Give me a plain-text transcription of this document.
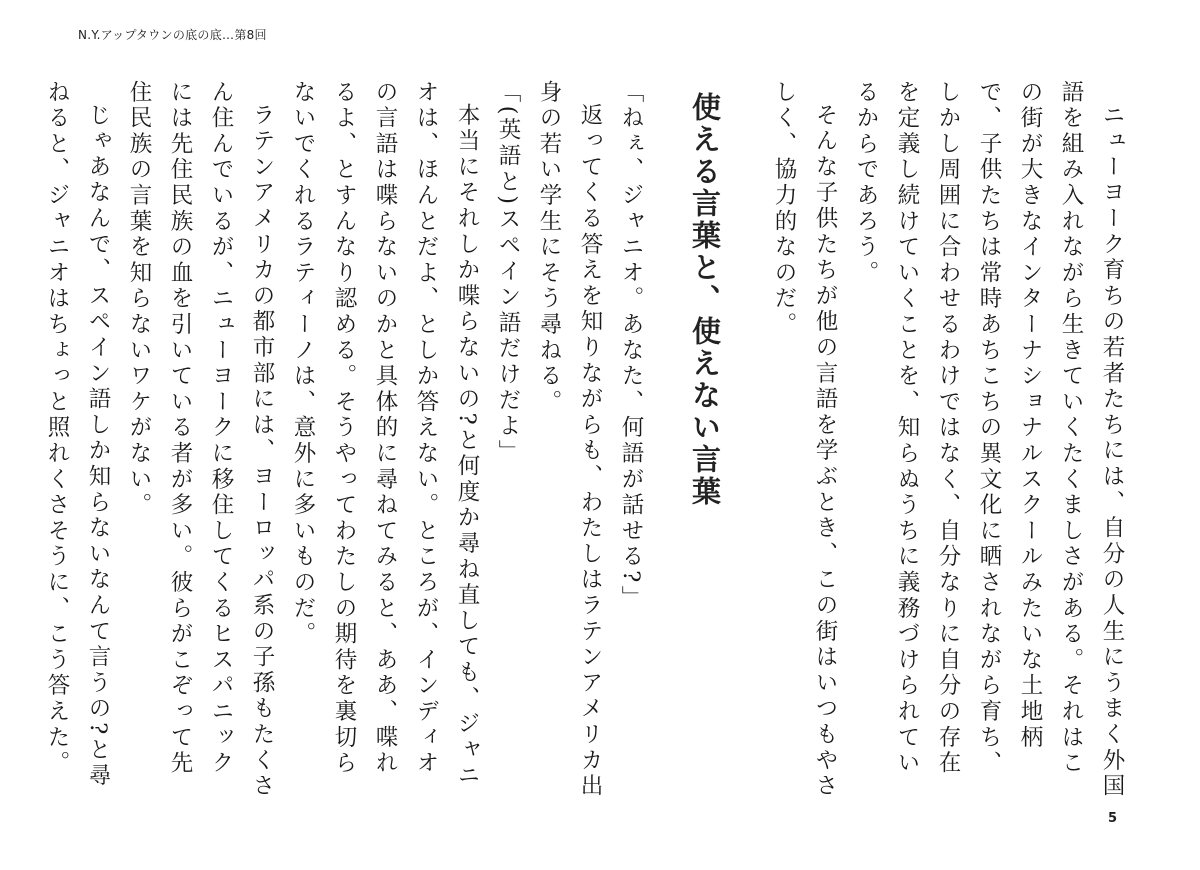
N.Y.アップタウンの底の底…第8回

ニューヨーク育ちの若者たちには、自分の人生にうまく外国語を組み入れながら生きていくたくましさがある。それはこの街が大きなインターナショナルスクールみたいな土地柄で、子供たちは常時あちこちの異文化に晒されながら育ち、しかし周囲に合わせるわけではなく、自分なりに自分の存在を定義し続けていくことを、知らぬうちに義務づけられているからであろう。

そんな子供たちが他の言語を学ぶとき、この街はいつもやさしく、協力的なのだ。

使える言葉と、使えない言葉

「ねぇ、ジャニオ。あなた、何語が話せる?」

返ってくる答えを知りながらも、わたしはラテンアメリカ出身の若い学生にそう尋ねる。

「(英語と)スペイン語だけだよ」

本当にそれしか喋らないの?と何度か尋ね直しても、ジャニオは、ほんとだよ、としか答えない。ところが、インディオの言語は喋らないのかと具体的に尋ねてみると、ああ、喋れるよ、とすんなり認める。そうやってわたしの期待を裏切らないでくれるラティーノは、意外に多いものだ。

ラテンアメリカの都市部には、ヨーロッパ系の子孫もたくさん住んでいるが、ニューヨークに移住してくるヒスパニックには先住民族の血を引いている者が多い。彼らがこぞって先住民族の言葉を知らないワケがない。

じゃあなんで、スペイン語しか知らないなんて言うの?と尋ねると、ジャニオはちょっと照れくさそうに、こう答えた。

5
